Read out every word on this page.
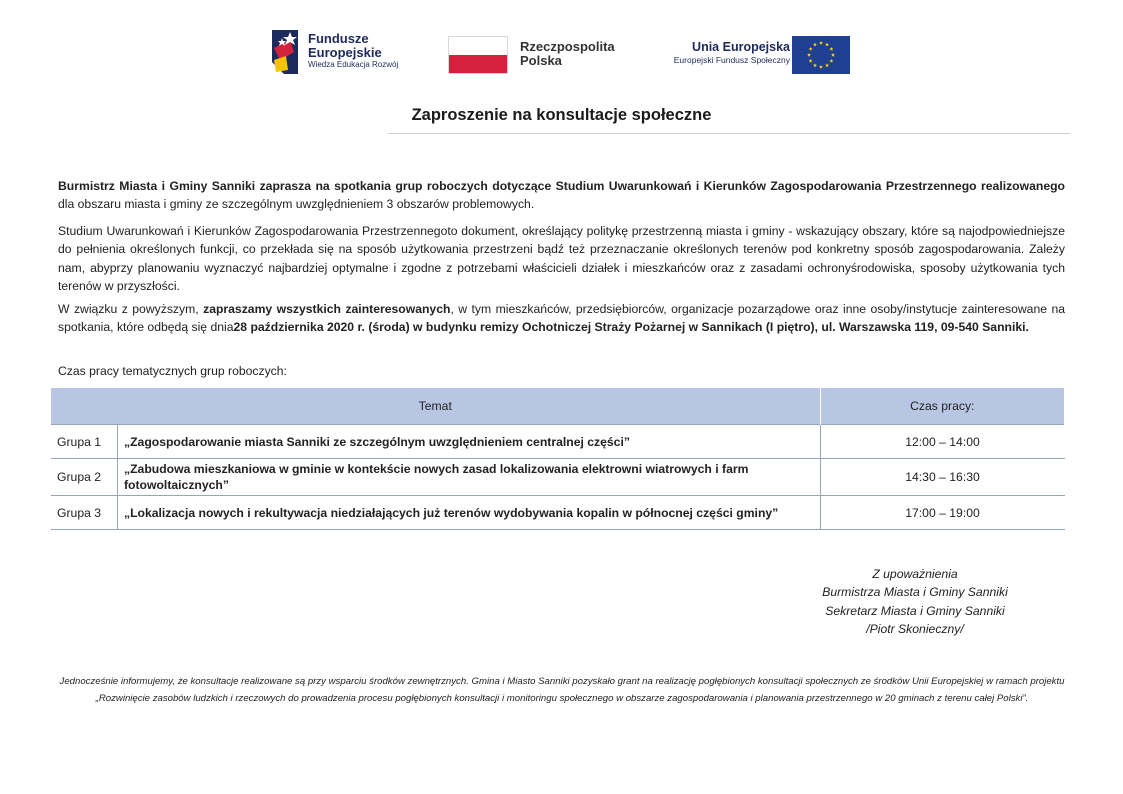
Fundusze
Europejskie
Wiedza Edukacja Rozwój
Rzeczpospolita
Polska
Unia Europejska
Europejski Fundusz Społeczny
Zaproszenie na konsultacje społeczne
Burmistrz Miasta i Gminy Sanniki zaprasza na spotkania grup roboczych dotyczące Studium Uwarunkowań i Kierunków Zagospodarowania Przestrzennego realizowanego dla obszaru miasta i gminy ze szczególnym uwzględnieniem 3 obszarów problemowych.
Studium Uwarunkowań i Kierunków Zagospodarowania Przestrzennegoto dokument, określający politykę przestrzenną miasta i gminy - wskazujący obszary, które są najodpowiedniejsze do pełnienia określonych funkcji, co przekłada się na sposób użytkowania przestrzeni bądź też przeznaczanie określonych terenów pod konkretny sposób zagospodarowania. Zależy nam, abyprzy planowaniu wyznaczyć najbardziej optymalne i zgodne z potrzebami właścicieli działek i mieszkańców oraz z zasadami ochronyśrodowiska, sposoby użytkowania tych terenów w przyszłości.
W związku z powyższym, zapraszamy wszystkich zainteresowanych, w tym mieszkańców, przedsiębiorców, organizacje pozarządowe oraz inne osoby/instytucje zainteresowane na spotkania, które odbędą się dnia28 października 2020 r. (środa) w budynku remizy Ochotniczej Straży Pożarnej w Sannikach (I piętro), ul. Warszawska 119, 09-540 Sanniki.
Czas pracy tematycznych grup roboczych:
Temat		Czas pracy:
Grupa 1	„Zagospodarowanie miasta Sanniki ze szczególnym uwzględnieniem centralnej części”	12:00 – 14:00
Grupa 2	„Zabudowa mieszkaniowa w gminie w kontekście nowych zasad lokalizowania elektrowni wiatrowych i farm fotowoltaicznych”	14:30 – 16:30
Grupa 3	„Lokalizacja nowych i rekultywacja niedziałających już terenów wydobywania kopalin w północnej części gminy”	17:00 – 19:00
Z upoważnienia
Burmistrza Miasta i Gminy Sanniki
Sekretarz Miasta i Gminy Sanniki
/Piotr Skonieczny/
Jednocześnie informujemy, że konsultacje realizowane są przy wsparciu środków zewnętrznych. Gmina i Miasto Sanniki pozyskało grant na realizację pogłębionych konsultacji społecznych ze środków Unii Europejskiej w ramach projektu „Rozwinięcie zasobów ludzkich i rzeczowych do prowadzenia procesu pogłębionych konsultacji i monitoringu społecznego w obszarze zagospodarowania i planowania przestrzennego w 20 gminach z terenu całej Polski”.
